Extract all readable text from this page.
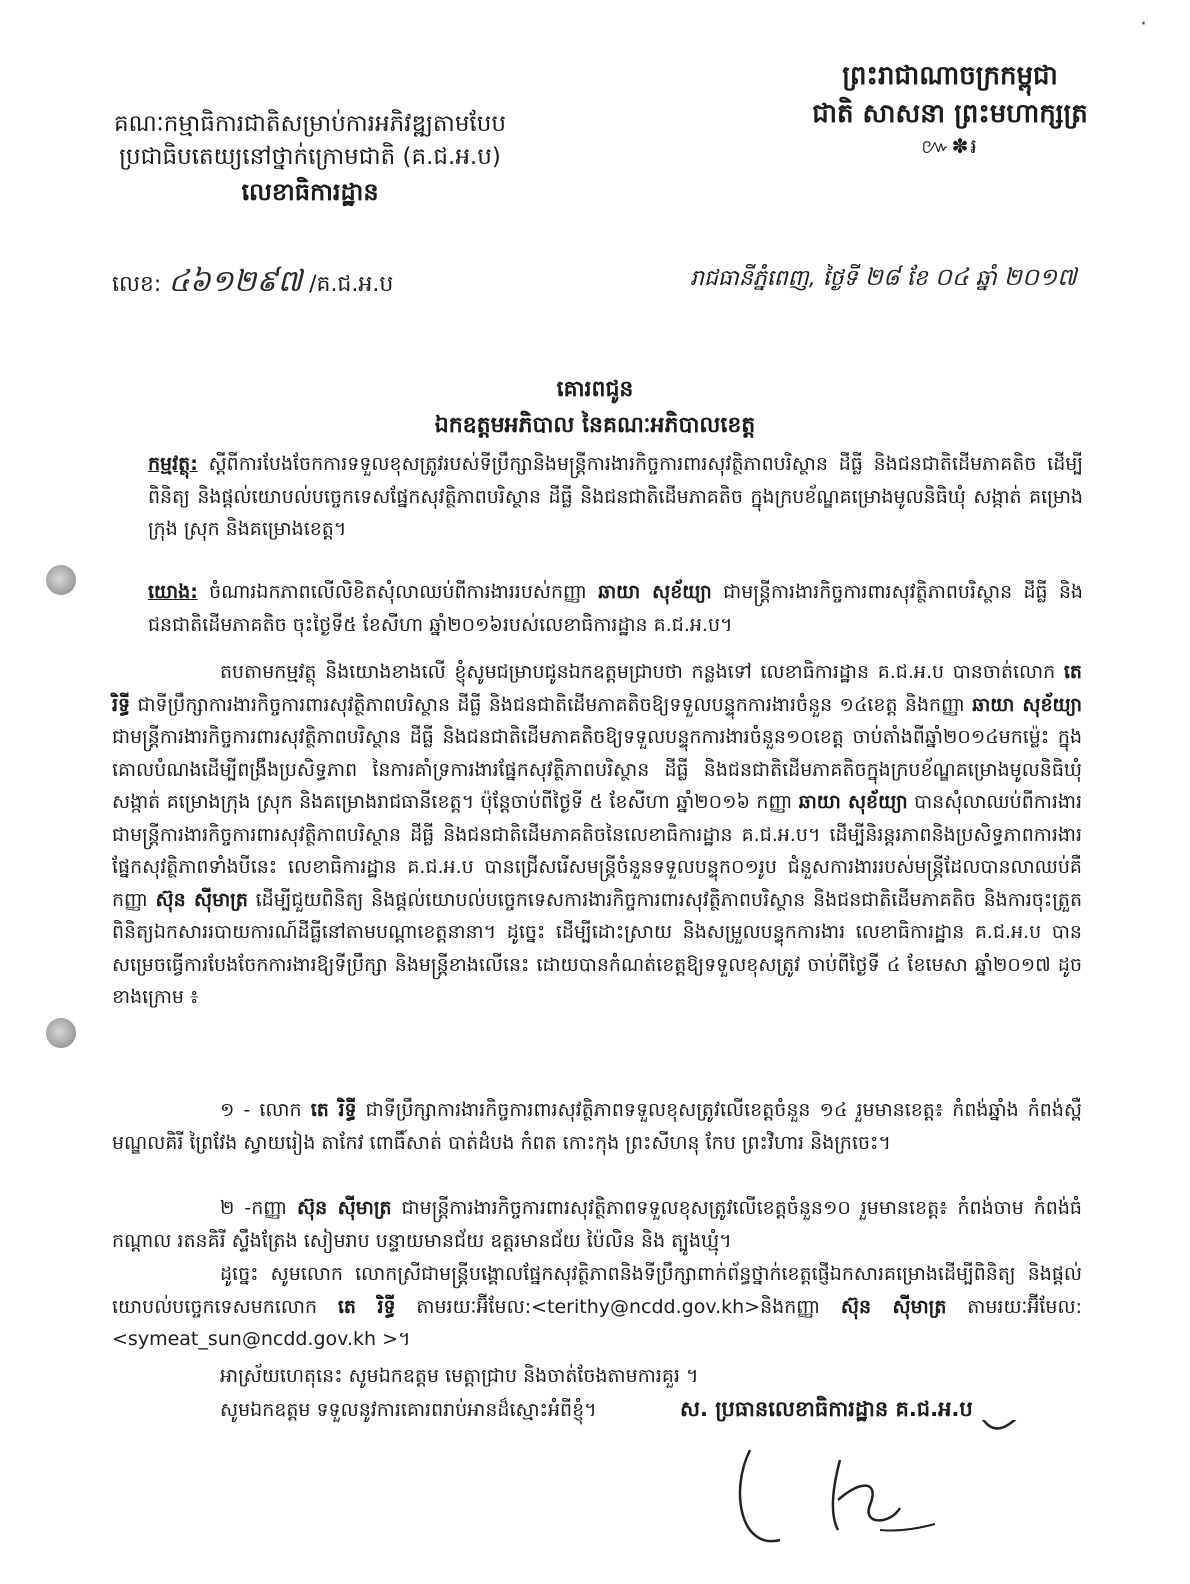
ព្រះរាជាណាចក្រកម្ពុជា
ជាតិ សាសនា ព្រះមហាក្សត្រ
៚✽៛
គណៈកម្មាធិការជាតិសម្រាប់ការអភិវឌ្ឍតាមបែប
ប្រជាធិបតេយ្យនៅថ្នាក់ក្រោមជាតិ (គ.ជ.អ.ប)
លេខាធិការដ្ឋាន
លេខ: ៤៦១២៩៧ /គ.ជ.អ.ប	រាជធានីភ្នំពេញ, ថ្ងៃទី ២៨ ខែ ០៤ ឆ្នាំ ២០១៧
គោរពជូន
ឯកឧត្តមអភិបាល នៃគណៈអភិបាលខេត្ត
កម្មវត្ថុ: ស្តីពីការបែងចែកការទទួលខុសត្រូវរបស់ទីប្រឹក្សានិងមន្ត្រីការងារកិច្ចការពារសុវត្ថិភាពបរិស្ថាន ដីធ្លី និងជនជាតិដើមភាគតិច ដើម្បីពិនិត្យ និងផ្តល់យោបល់បច្ចេកទេសផ្នែកសុវត្ថិភាពបរិស្ថាន ដីធ្លី និងជនជាតិដើមភាគតិច ក្នុងក្របខ័ណ្ឌគម្រោងមូលនិធិឃុំ សង្កាត់ គម្រោងក្រុង ស្រុក និងគម្រោងខេត្ត។
យោង: ចំណារឯកភាពលើលិខិតសុំលាឈប់ពីការងាររបស់កញ្ញា ឆាយា សុខ័យ្យា ជាមន្ត្រីការងារកិច្ចការពារសុវត្ថិភាពបរិស្ថាន ដីធ្លី និងជនជាតិដើមភាគតិច ចុះថ្ងៃទី៥ ខែសីហា ឆ្នាំ២០១៦របស់លេខាធិការដ្ឋាន គ.ជ.អ.ប។
តបតាមកម្មវត្ថុ និងយោងខាងលើ ខ្ញុំសូមជម្រាបជូនឯកឧត្តមជ្រាបថា កន្លងទៅ លេខាធិការដ្ឋាន គ.ជ.អ.ប បានចាត់លោក តេ រិទ្ធី ជាទីប្រឹក្សាការងារកិច្ចការពារសុវត្ថិភាពបរិស្ថាន ដីធ្លី និងជនជាតិដើមភាគតិចឱ្យទទួលបន្ទុកការងារចំនួន ១៤ខេត្ត និងកញ្ញា ឆាយា សុខ័យ្យា ជាមន្ត្រីការងារកិច្ចការពារសុវត្ថិភាពបរិស្ថាន ដីធ្លី និងជនជាតិដើមភាគតិចឱ្យទទួលបន្ទុកការងារចំនួន១០ខេត្ត ចាប់តាំងពីឆ្នាំ២០១៤មកម្ល៉េះ ក្នុងគោលបំណងដើម្បីពង្រឹងប្រសិទ្ធភាព នៃការគាំទ្រការងារផ្នែកសុវត្ថិភាពបរិស្ថាន ដីធ្លី និងជនជាតិដើមភាគតិចក្នុងក្របខ័ណ្ឌគម្រោងមូលនិធិឃុំ សង្កាត់ គម្រោងក្រុង ស្រុក និងគម្រោងរាជធានីខេត្ត។ ប៉ុន្តែចាប់ពីថ្ងៃទី ៥ ខែសីហា ឆ្នាំ២០១៦ កញ្ញា ឆាយា សុខ័យ្យា បានសុំលាឈប់ពីការងារជាមន្ត្រីការងារកិច្ចការពារសុវត្ថិភាពបរិស្ថាន ដីធ្លី និងជនជាតិដើមភាគតិចនៃលេខាធិការដ្ឋាន គ.ជ.អ.ប។ ដើម្បីនិរន្តរភាពនិងប្រសិទ្ធភាពការងារផ្នែកសុវត្ថិភាពទាំងបីនេះ លេខាធិការដ្ឋាន គ.ជ.អ.ប បានជ្រើសរើសមន្ត្រីចំនួនទទួលបន្ទុក០១រូប ជំនួសការងាររបស់មន្ត្រីដែលបានលាឈប់គឺកញ្ញា ស៊ុន ស៊ីមាត្រ ដើម្បីជួយពិនិត្យ និងផ្តល់យោបល់បច្ចេកទេសការងារកិច្ចការពារសុវត្ថិភាពបរិស្ថាន និងជនជាតិដើមភាគតិច និងការចុះត្រួតពិនិត្យឯកសាររបាយការណ៍ដីធ្លីនៅតាមបណ្តាខេត្តនានា។ ដូច្នេះ ដើម្បីដោះស្រាយ និងសម្រួលបន្ទុកការងារ លេខាធិការដ្ឋាន គ.ជ.អ.ប បានសម្រេចធ្វើការបែងចែកការងារឱ្យទីប្រឹក្សា និងមន្ត្រីខាងលើនេះ ដោយបានកំណត់ខេត្តឱ្យទទួលខុសត្រូវ ចាប់ពីថ្ងៃទី ៤ ខែមេសា ឆ្នាំ២០១៧ ដូចខាងក្រោម ៖
១ - លោក តេ រិទ្ធី ជាទីប្រឹក្សាការងារកិច្ចការពារសុវត្ថិភាពទទួលខុសត្រូវលើខេត្តចំនួន ១៤ រួមមានខេត្ត៖ កំពង់ឆ្នាំង កំពង់ស្ពឺ មណ្ឌលគិរី ព្រៃវែង ស្វាយរៀង តាកែវ ពោធិ៍សាត់ បាត់ដំបង កំពត កោះកុង ព្រះសីហនុ កែប ព្រះវិហារ និងក្រចេះ។
២ -កញ្ញា ស៊ុន ស៊ីមាត្រ ជាមន្ត្រីការងារកិច្ចការពារសុវត្ថិភាពទទួលខុសត្រូវលើខេត្តចំនួន១០ រួមមានខេត្ត៖ កំពង់ចាម កំពង់ធំ កណ្តាល រតនគិរី ស្ទឹងត្រែង សៀមរាប បន្ទាយមានជ័យ ឧត្តរមានជ័យ ប៉ៃលិន និង ត្បូងឃ្មុំ។
ដូច្នេះ សូមលោក លោកស្រីជាមន្ត្រីបង្គោលផ្នែកសុវត្ថិភាពនិងទីប្រឹក្សាពាក់ព័ន្ធថ្នាក់ខេត្តផ្ញើឯកសារគម្រោងដើម្បីពិនិត្យ និងផ្តល់យោបល់បច្ចេកទេសមកលោក តេ រិទ្ធី តាមរយៈអ៊ីមែល:<terithy@ncdd.gov.kh>និងកញ្ញា ស៊ុន ស៊ីមាត្រ តាមរយៈអ៊ីមែល:<symeat_sun@ncdd.gov.kh >។
អាស្រ័យហេតុនេះ សូមឯកឧត្តម មេត្តាជ្រាប និងចាត់ចែងតាមការគួរ ។
សូមឯកឧត្តម ទទួលនូវការគោរពរាប់អានដ៏ស្មោះអំពីខ្ញុំ។	ស. ប្រធានលេខាធិការដ្ឋាន គ.ជ.អ.ប
·
